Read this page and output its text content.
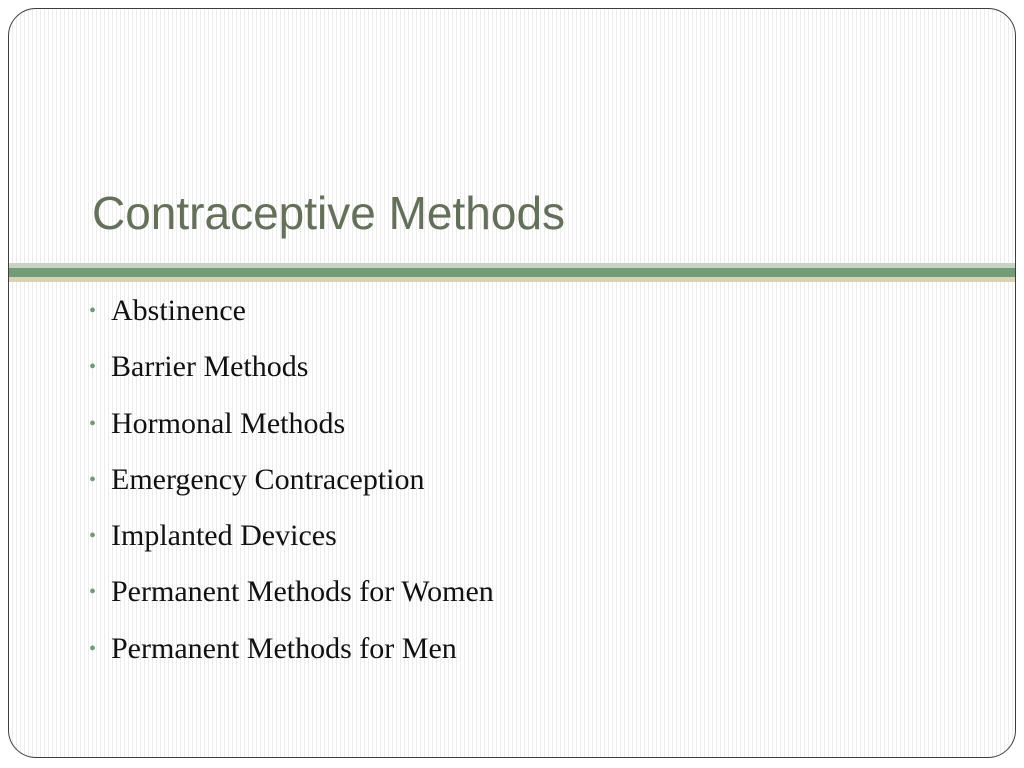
Contraceptive Methods
• Abstinence
• Barrier Methods
• Hormonal Methods
• Emergency Contraception
• Implanted Devices
• Permanent Methods for Women
• Permanent Methods for Men
